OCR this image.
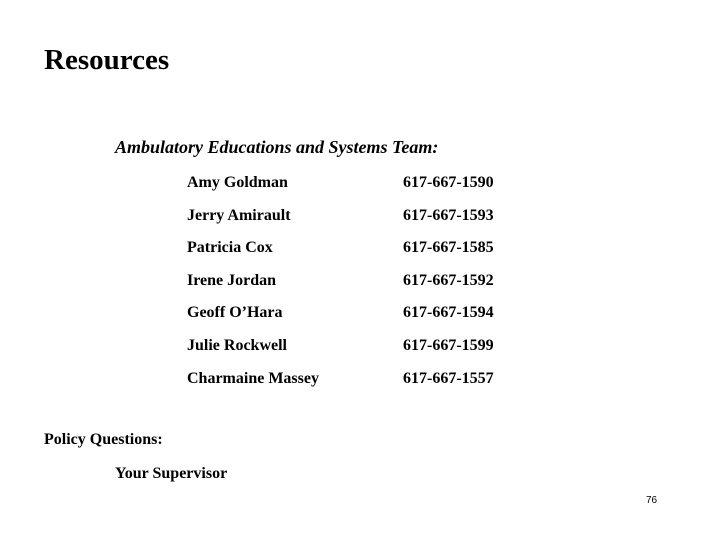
Resources
Ambulatory Educations and Systems Team:
Amy Goldman	617-667-1590
Jerry Amirault	617-667-1593
Patricia Cox	617-667-1585
Irene Jordan	617-667-1592
Geoff O’Hara	617-667-1594
Julie Rockwell	617-667-1599
Charmaine Massey	617-667-1557
Policy Questions:
Your Supervisor
76
